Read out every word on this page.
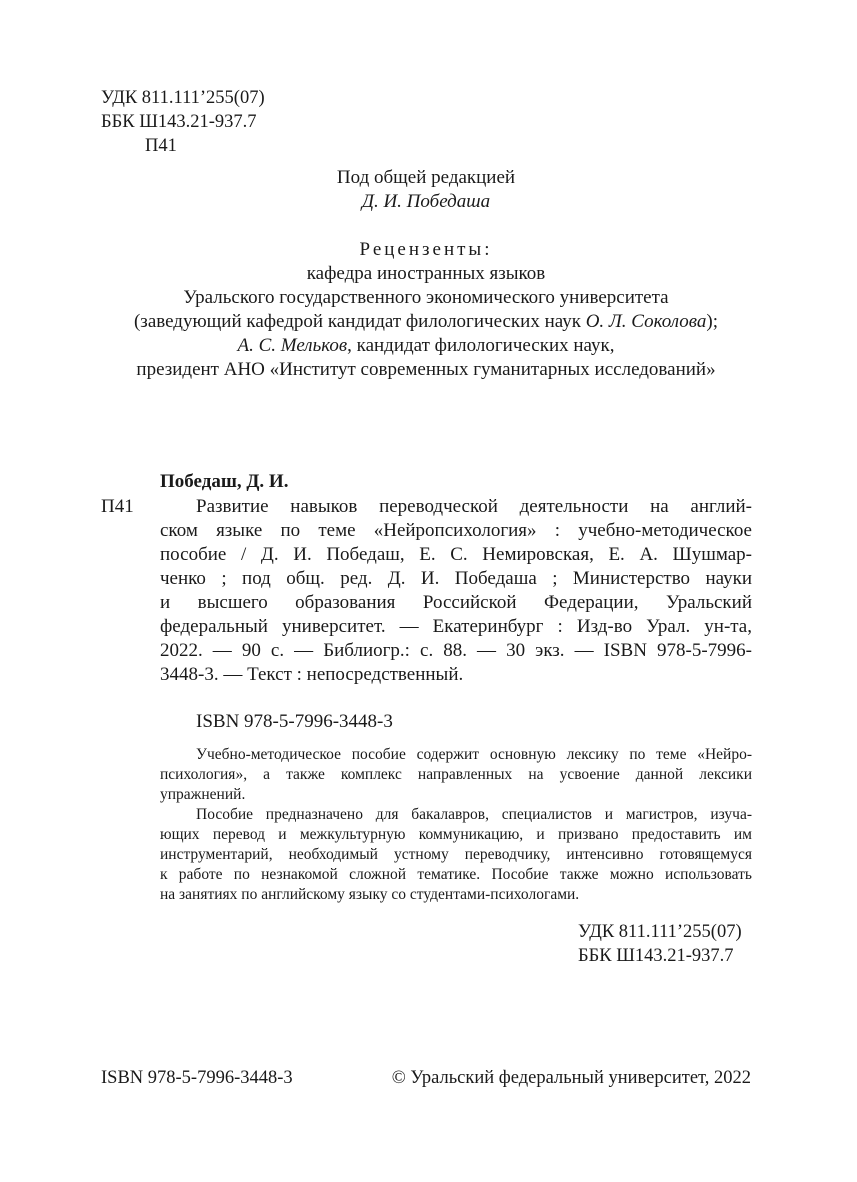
УДК 811.111’255(07)
ББК Ш143.21-937.7
П41
Под общей редакцией
Д. И. Победаша
Рецензенты:
кафедра иностранных языков
Уральского государственного экономического университета
(заведующий кафедрой кандидат филологических наук О. Л. Соколова);
А. С. Мельков, кандидат филологических наук,
президент АНО «Институт современных гуманитарных исследований»
Победаш, Д. И.
П41	Развитие навыков переводческой деятельности на англий-
ском языке по теме «Нейропсихология» : учебно-методическое
пособие / Д. И. Победаш, Е. С. Немировская, Е. А. Шушмар-
ченко ; под общ. ред. Д. И. Победаша ; Министерство науки
и высшего образования Российской Федерации, Уральский
федеральный университет. — Екатеринбург : Изд-во Урал. ун-та,
2022. — 90 с. — Библиогр.: с. 88. — 30 экз. — ISBN 978-5-7996-
3448-3. — Текст : непосредственный.
ISBN 978-5-7996-3448-3
Учебно-методическое пособие содержит основную лексику по теме «Нейро-
психология», а также комплекс направленных на усвоение данной лексики
упражнений.
Пособие предназначено для бакалавров, специалистов и магистров, изуча-
ющих перевод и межкультурную коммуникацию, и призвано предоставить им
инструментарий, необходимый устному переводчику, интенсивно готовящемуся
к работе по незнакомой сложной тематике. Пособие также можно использовать
на занятиях по английскому языку со студентами-психологами.
УДК 811.111’255(07)
ББК Ш143.21-937.7
ISBN 978-5-7996-3448-3	© Уральский федеральный университет, 2022
